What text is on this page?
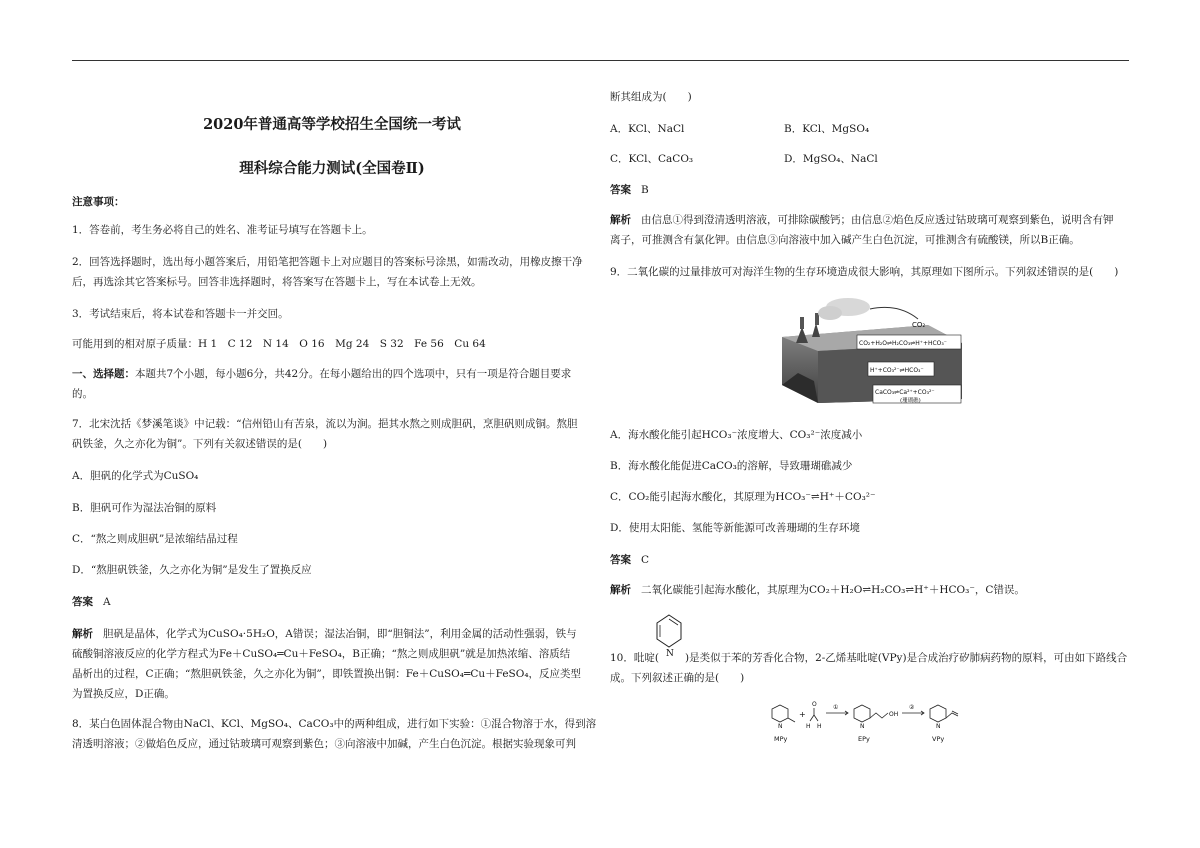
2020年普通高等学校招生全国统一考试
理科综合能力测试(全国卷Ⅱ)
注意事项：
1．答卷前，考生务必将自己的姓名、准考证号填写在答题卡上。
2．回答选择题时，选出每小题答案后，用铅笔把答题卡上对应题目的答案标号涂黑，如需改动，用橡皮擦干净
后，再选涂其它答案标号。回答非选择题时，将答案写在答题卡上，写在本试卷上无效。
3．考试结束后，将本试卷和答题卡一并交回。
可能用到的相对原子质量：H 1　C 12　N 14　O 16　Mg 24　S 32　Fe 56　Cu 64
一、选择题：本题共7个小题，每小题6分，共42分。在每小题给出的四个选项中，只有一项是符合题目要求
的。
7．北宋沈括《梦溪笔谈》中记载：“信州铅山有苦泉，流以为涧。挹其水熬之则成胆矾，烹胆矾则成铜。熬胆
矾铁釜，久之亦化为铜”。下列有关叙述错误的是(　　)
A．胆矾的化学式为CuSO₄
B．胆矾可作为湿法冶铜的原料
C．“熬之则成胆矾”是浓缩结晶过程
D．“熬胆矾铁釜，久之亦化为铜”是发生了置换反应
答案 A
解析 胆矾是晶体，化学式为CuSO₄·5H₂O，A错误；湿法冶铜，即“胆铜法”，利用金属的活动性强弱，铁与
硫酸铜溶液反应的化学方程式为Fe＋CuSO₄═Cu＋FeSO₄，B正确；“熬之则成胆矾”就是加热浓缩、溶质结
晶析出的过程，C正确；“熬胆矾铁釜，久之亦化为铜”，即铁置换出铜：Fe＋CuSO₄═Cu＋FeSO₄，反应类型
为置换反应，D正确。
8．某白色固体混合物由NaCl、KCl、MgSO₄、CaCO₃中的两种组成，进行如下实验：①混合物溶于水，得到溶
清透明溶液；②做焰色反应，通过钴玻璃可观察到紫色；③向溶液中加碱，产生白色沉淀。根据实验现象可判
断其组成为(　　)
A．KCl、NaCl	B．KCl、MgSO₄
C．KCl、CaCO₃	D．MgSO₄、NaCl
答案 B
解析 由信息①得到澄清透明溶液，可排除碳酸钙；由信息②焰色反应透过钴玻璃可观察到紫色，说明含有钾
离子，可推测含有氯化钾。由信息③向溶液中加入碱产生白色沉淀，可推测含有硫酸镁，所以B正确。
9．二氧化碳的过量排放可对海洋生物的生存环境造成很大影响，其原理如下图所示。下列叙述错误的是(　　)
CO₂
CO₂+H₂O⇌H₂CO₃⇌H⁺+HCO₃⁻
H⁺+CO₃²⁻⇌HCO₃⁻
CaCO₃⇌Ca²⁺+CO₃²⁻
(珊瑚礁)
A．海水酸化能引起HCO₃⁻浓度增大、CO₃²⁻浓度减小
B．海水酸化能促进CaCO₃的溶解，导致珊瑚礁减少
C．CO₂能引起海水酸化，其原理为HCO₃⁻⇌H⁺＋CO₃²⁻
D．使用太阳能、氢能等新能源可改善珊瑚的生存环境
答案 C
解析 二氧化碳能引起海水酸化，其原理为CO₂＋H₂O⇌H₂CO₃⇌H⁺＋HCO₃⁻，C错误。
10．吡啶( )是类似于苯的芳香化合物，2-乙烯基吡啶(VPy)是合成治疗矽肺病药物的原料，可由如下路线合
N
成。下列叙述正确的是(　　)
N
MPy
+
O
H H
①
N
OH
EPy
②
N
VPy
